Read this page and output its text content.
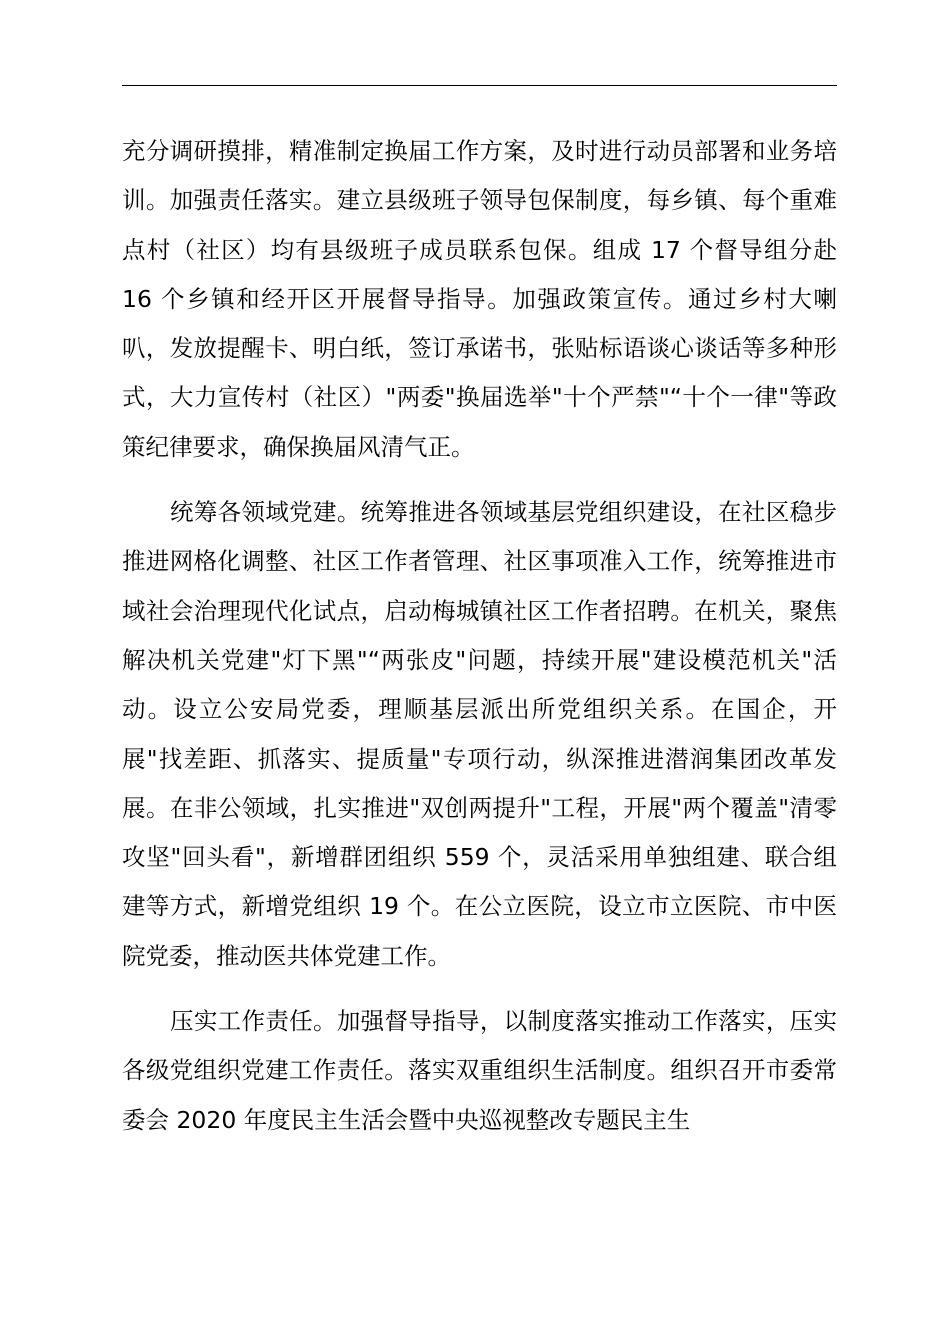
充分调研摸排，精准制定换届工作方案，及时进行动员部署和业务培训。加强责任落实。建立县级班子领导包保制度，每乡镇、每个重难点村（社区）均有县级班子成员联系包保。组成 17 个督导组分赴 16 个乡镇和经开区开展督导指导。加强政策宣传。通过乡村大喇叭，发放提醒卡、明白纸，签订承诺书，张贴标语谈心谈话等多种形式，大力宣传村（社区）"两委"换届选举"十个严禁"“十个一律"等政策纪律要求，确保换届风清气正。

统筹各领域党建。统筹推进各领域基层党组织建设，在社区稳步推进网格化调整、社区工作者管理、社区事项准入工作，统筹推进市域社会治理现代化试点，启动梅城镇社区工作者招聘。在机关，聚焦解决机关党建"灯下黑"“两张皮"问题，持续开展"建设模范机关"活动。设立公安局党委，理顺基层派出所党组织关系。在国企，开展"找差距、抓落实、提质量"专项行动，纵深推进潜润集团改革发展。在非公领域，扎实推进"双创两提升"工程，开展"两个覆盖"清零攻坚"回头看"，新增群团组织 559 个，灵活采用单独组建、联合组建等方式，新增党组织 19 个。在公立医院，设立市立医院、市中医院党委，推动医共体党建工作。

压实工作责任。加强督导指导，以制度落实推动工作落实，压实各级党组织党建工作责任。落实双重组织生活制度。组织召开市委常委会 2020 年度民主生活会暨中央巡视整改专题民主生
